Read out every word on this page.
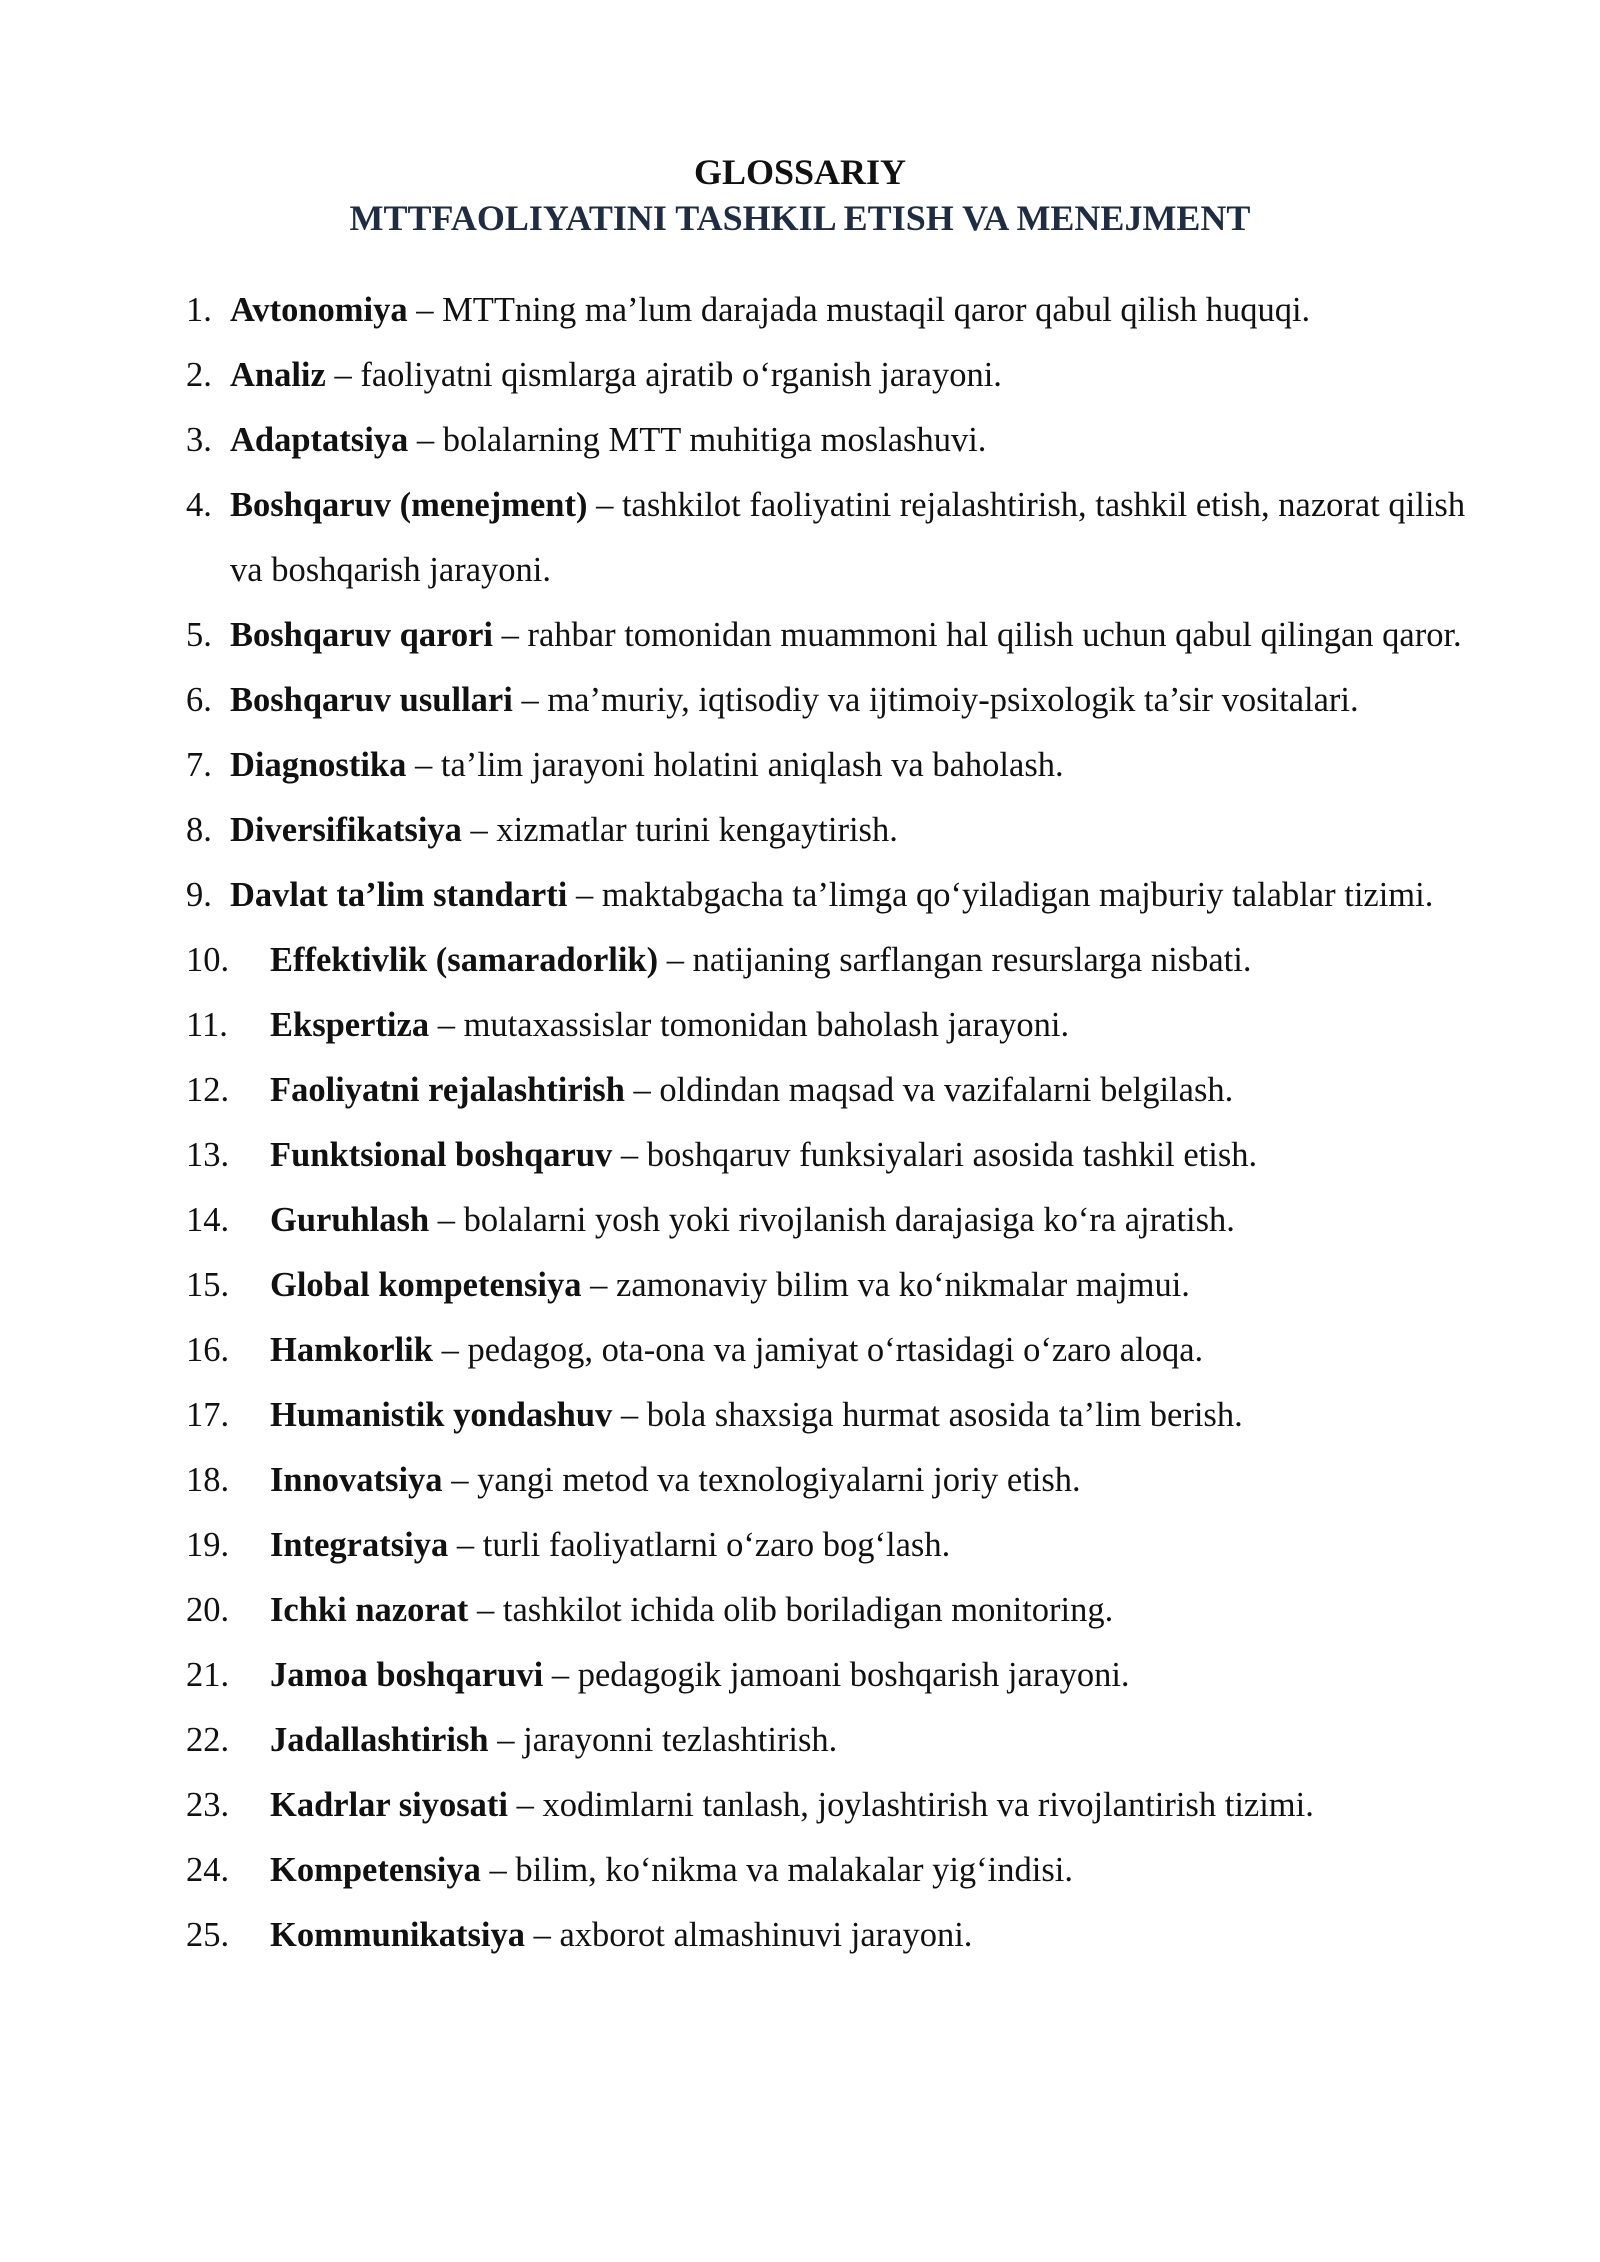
GLOSSARIY
MTTFAOLIYATINI TASHKIL ETISH VA MENEJMENT
1. Avtonomiya – MTTning ma’lum darajada mustaqil qaror qabul qilish huquqi.
2. Analiz – faoliyatni qismlarga ajratib o‘rganish jarayoni.
3. Adaptatsiya – bolalarning MTT muhitiga moslashuvi.
4. Boshqaruv (menejment) – tashkilot faoliyatini rejalashtirish, tashkil etish, nazorat qilish va boshqarish jarayoni.
5. Boshqaruv qarori – rahbar tomonidan muammoni hal qilish uchun qabul qilingan qaror.
6. Boshqaruv usullari – ma’muriy, iqtisodiy va ijtimoiy-psixologik ta’sir vositalari.
7. Diagnostika – ta’lim jarayoni holatini aniqlash va baholash.
8. Diversifikatsiya – xizmatlar turini kengaytirish.
9. Davlat ta’lim standarti – maktabgacha ta’limga qo‘yiladigan majburiy talablar tizimi.
10. Effektivlik (samaradorlik) – natijaning sarflangan resurslarga nisbati.
11. Ekspertiza – mutaxassislar tomonidan baholash jarayoni.
12. Faoliyatni rejalashtirish – oldindan maqsad va vazifalarni belgilash.
13. Funktsional boshqaruv – boshqaruv funksiyalari asosida tashkil etish.
14. Guruhlash – bolalarni yosh yoki rivojlanish darajasiga ko‘ra ajratish.
15. Global kompetensiya – zamonaviy bilim va ko‘nikmalar majmui.
16. Hamkorlik – pedagog, ota-ona va jamiyat o‘rtasidagi o‘zaro aloqa.
17. Humanistik yondashuv – bola shaxsiga hurmat asosida ta’lim berish.
18. Innovatsiya – yangi metod va texnologiyalarni joriy etish.
19. Integratsiya – turli faoliyatlarni o‘zaro bog‘lash.
20. Ichki nazorat – tashkilot ichida olib boriladigan monitoring.
21. Jamoa boshqaruvi – pedagogik jamoani boshqarish jarayoni.
22. Jadallashtirish – jarayonni tezlashtirish.
23. Kadrlar siyosati – xodimlarni tanlash, joylashtirish va rivojlantirish tizimi.
24. Kompetensiya – bilim, ko‘nikma va malakalar yig‘indisi.
25. Kommunikatsiya – axborot almashinuvi jarayoni.
